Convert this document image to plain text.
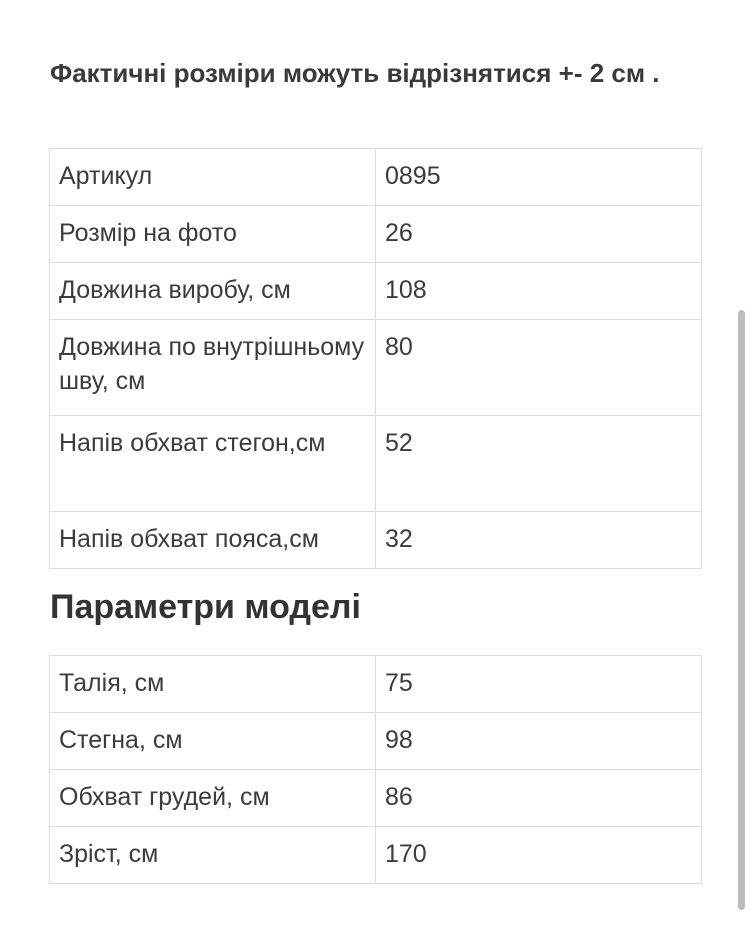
Фактичні розміри можуть відрізнятися +- 2 см .

Артикул	0895
Розмір на фото	26
Довжина виробу, см	108
Довжина по внутрішньому шву, см	80
Напів обхват стегон,см	52
Напів обхват пояса,см	32
Параметри моделі
Талія, см	75
Стегна, см	98
Обхват грудей, см	86
Зріст, см	170
